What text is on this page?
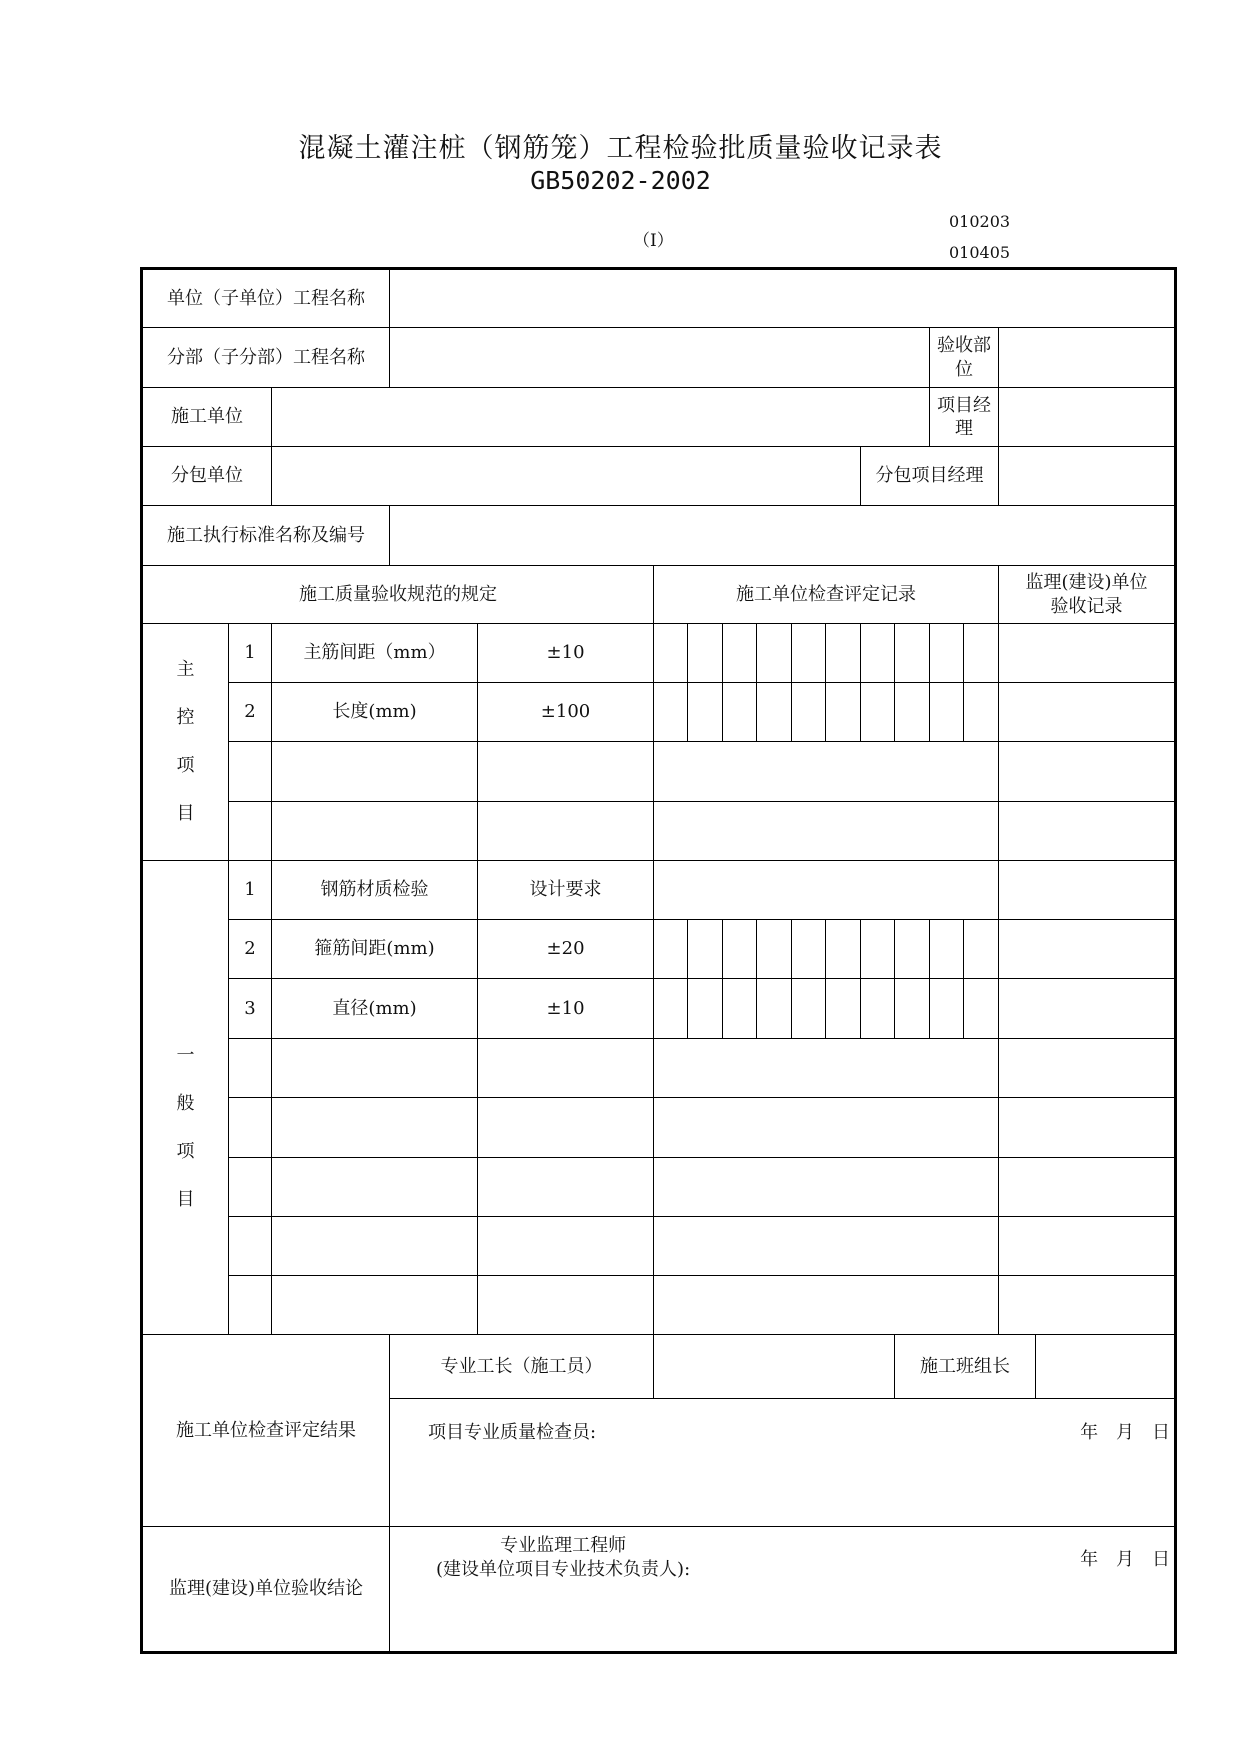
混凝土灌注桩（钢筋笼）工程检验批质量验收记录表
GB50202-2002
010203
（Ⅰ）
010405
单位（子单位）工程名称																
分部（子分部）工程名称													验收部位			
施工单位													项目经理			
分包单位											分包项目经理					
施工执行标准名称及编号																
施工质量验收规范的规定					施工单位检查评定记录										监理(建设)单位验收记录	
主
控
项
目	1	主筋间距（mm）		±10												
	2	长度(mm)		±100												

一
般
项
目	1	钢筋材质检验		设计要求												
	2	箍筋间距(mm)		±20												
	3	直径(mm)		±10												

施工单位检查评定结果			专业工长（施工员）									施工班组长				

			项目专业质量检查员: 年　月　日													

监理(建设)单位验收结论			专业监理工程师
(建设单位项目专业技术负责人): 年　月　日													
